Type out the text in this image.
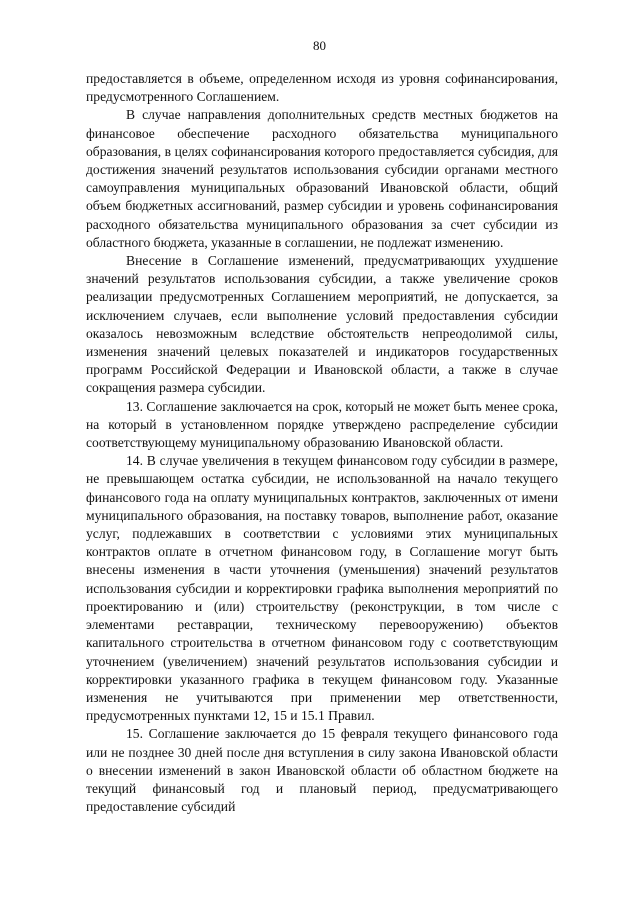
80

предоставляется в объеме, определенном исходя из уровня софинансирования, предусмотренного Соглашением.

В случае направления дополнительных средств местных бюджетов на финансовое обеспечение расходного обязательства муниципального образования, в целях софинансирования которого предоставляется субсидия, для достижения значений результатов использования субсидии органами местного самоуправления муниципальных образований Ивановской области, общий объем бюджетных ассигнований, размер субсидии и уровень софинансирования расходного обязательства муниципального образования за счет субсидии из областного бюджета, указанные в соглашении, не подлежат изменению.

Внесение в Соглашение изменений, предусматривающих ухудшение значений результатов использования субсидии, а также увеличение сроков реализации предусмотренных Соглашением мероприятий, не допускается, за исключением случаев, если выполнение условий предоставления субсидии оказалось невозможным вследствие обстоятельств непреодолимой силы, изменения значений целевых показателей и индикаторов государственных программ Российской Федерации и Ивановской области, а также в случае сокращения размера субсидии.

13. Соглашение заключается на срок, который не может быть менее срока, на который в установленном порядке утверждено распределение субсидии соответствующему муниципальному образованию Ивановской области.

14. В случае увеличения в текущем финансовом году субсидии в размере, не превышающем остатка субсидии, не использованной на начало текущего финансового года на оплату муниципальных контрактов, заключенных от имени муниципального образования, на поставку товаров, выполнение работ, оказание услуг, подлежавших в соответствии с условиями этих муниципальных контрактов оплате в отчетном финансовом году, в Соглашение могут быть внесены изменения в части уточнения (уменьшения) значений результатов использования субсидии и корректировки графика выполнения мероприятий по проектированию и (или) строительству (реконструкции, в том числе с элементами реставрации, техническому перевооружению) объектов капитального строительства в отчетном финансовом году с соответствующим уточнением (увеличением) значений результатов использования субсидии и корректировки указанного графика в текущем финансовом году. Указанные изменения не учитываются при применении мер ответственности, предусмотренных пунктами 12, 15 и 15.1 Правил.

15. Соглашение заключается до 15 февраля текущего финансового года или не позднее 30 дней после дня вступления в силу закона Ивановской области о внесении изменений в закон Ивановской области об областном бюджете на текущий финансовый год и плановый период, предусматривающего предоставление субсидий
